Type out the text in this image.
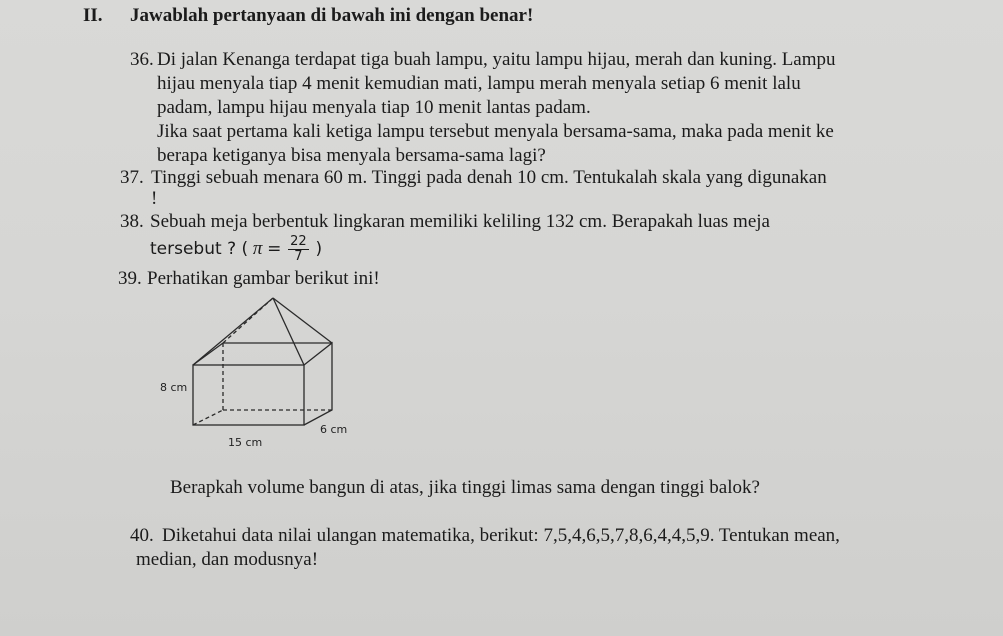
II. Jawablah pertanyaan di bawah ini dengan benar!
36. Di jalan Kenanga terdapat tiga buah lampu, yaitu lampu hijau, merah dan kuning. Lampu
hijau menyala tiap 4 menit kemudian mati, lampu merah menyala setiap 6 menit lalu
padam, lampu hijau menyala tiap 10 menit lantas padam.
Jika saat pertama kali ketiga lampu tersebut menyala bersama-sama, maka pada menit ke
berapa ketiganya bisa menyala bersama-sama lagi?
37. Tinggi sebuah menara 60 m. Tinggi pada denah 10 cm. Tentukalah skala yang digunakan
!
38. Sebuah meja berbentuk lingkaran memiliki keliling 132 cm. Berapakah luas meja
tersebut ? ( $\pi = \frac{22}{7}$ )
39. Perhatikan gambar berikut ini!
8 cm
15 cm
6 cm
Berapkah volume bangun di atas, jika tinggi limas sama dengan tinggi balok?
40. Diketahui data nilai ulangan matematika, berikut: 7,5,4,6,5,7,8,6,4,4,5,9. Tentukan mean,
median, dan modusnya!
